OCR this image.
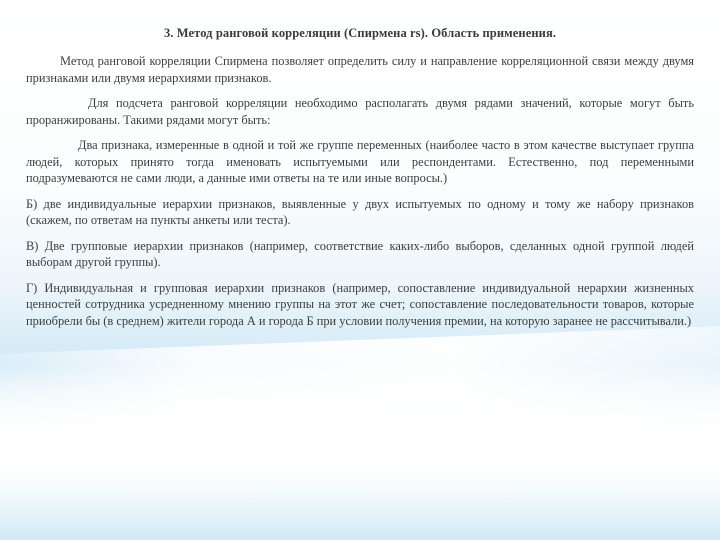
3. Метод ранговой корреляции (Спирмена rs). Область применения.

Метод ранговой корреляции Спирмена позволяет определить силу и направление корреляционной связи между двумя признаками или двумя иерархиями признаков.

Для подсчета ранговой корреляции необходимо располагать двумя рядами значений, которые могут быть проранжированы. Такими рядами могут быть:

Два признака, измеренные в одной и той же группе переменных (наиболее часто в этом качестве выступает группа людей, которых принято тогда именовать испытуемыми или респондентами. Естественно, под переменными подразумеваются не сами люди, а данные ими ответы на те или иные вопросы.)

Б) две индивидуальные иерархии признаков, выявленные у двух испытуемых по одному и тому же набору признаков (скажем, по ответам на пункты анкеты или теста).

В) Две групповые иерархии признаков (например, соответствие каких-либо выборов, сделанных одной группой людей выборам другой группы).

Г) Индивидуальная и групповая иерархии признаков (например, сопоставление индивидуальной нерархии жизненных ценностей сотрудника усредненному мнению группы на этот же счет; сопоставление последовательности товаров, которые приобрели бы (в среднем) жители города А и города Б при условии получения премии, на которую заранее не рассчитывали.)
